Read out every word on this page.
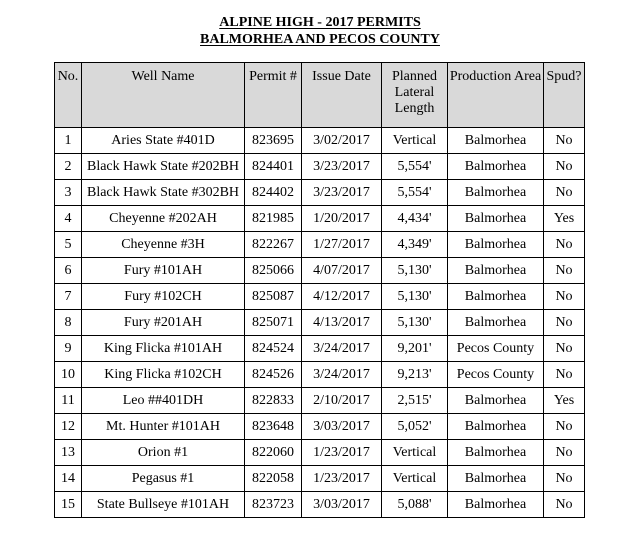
ALPINE HIGH - 2017 PERMITS
BALMORHEA AND PECOS COUNTY
No.	Well Name	Permit #	Issue Date	Planned Lateral Length	Production Area	Spud?
1	Aries State #401D	823695	3/02/2017	Vertical	Balmorhea	No
2	Black Hawk State #202BH	824401	3/23/2017	5,554'	Balmorhea	No
3	Black Hawk State #302BH	824402	3/23/2017	5,554'	Balmorhea	No
4	Cheyenne #202AH	821985	1/20/2017	4,434'	Balmorhea	Yes
5	Cheyenne #3H	822267	1/27/2017	4,349'	Balmorhea	No
6	Fury #101AH	825066	4/07/2017	5,130'	Balmorhea	No
7	Fury #102CH	825087	4/12/2017	5,130'	Balmorhea	No
8	Fury #201AH	825071	4/13/2017	5,130'	Balmorhea	No
9	King Flicka #101AH	824524	3/24/2017	9,201'	Pecos County	No
10	King Flicka #102CH	824526	3/24/2017	9,213'	Pecos County	No
11	Leo ##401DH	822833	2/10/2017	2,515'	Balmorhea	Yes
12	Mt. Hunter #101AH	823648	3/03/2017	5,052'	Balmorhea	No
13	Orion #1	822060	1/23/2017	Vertical	Balmorhea	No
14	Pegasus #1	822058	1/23/2017	Vertical	Balmorhea	No
15	State Bullseye #101AH	823723	3/03/2017	5,088'	Balmorhea	No
